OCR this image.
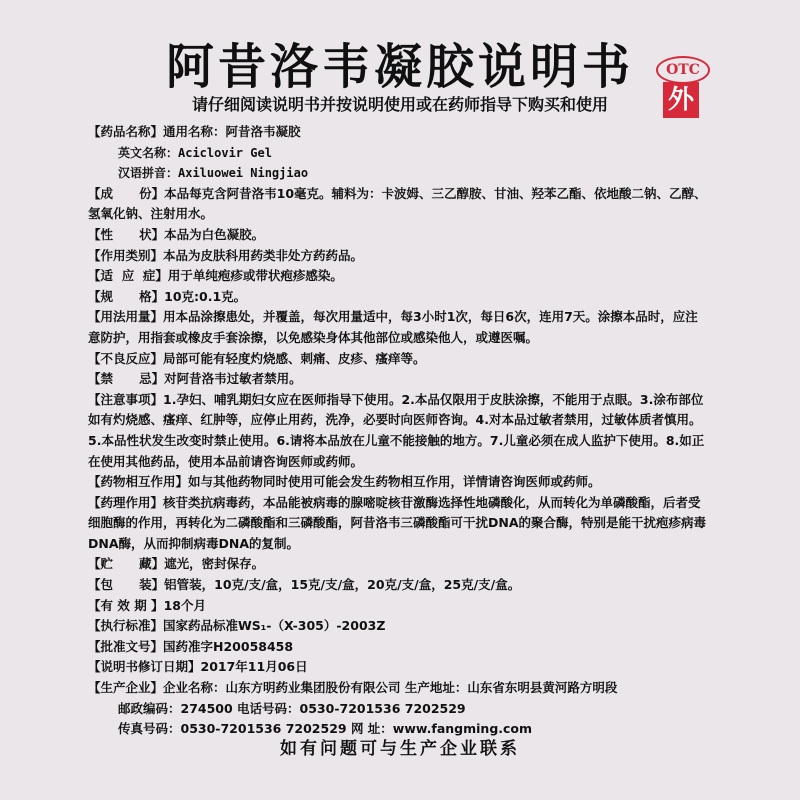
阿昔洛韦凝胶说明书
请仔细阅读说明书并按说明使用或在药师指导下购买和使用
OTC
外
【药品名称】通用名称：阿昔洛韦凝胶
英文名称：Aciclovir Gel
汉语拼音：Axiluowei Ningjiao
【成      份】本品每克含阿昔洛韦10毫克。辅料为：卡波姆、三乙醇胺、甘油、羟苯乙酯、依地酸二钠、乙醇、氢氧化钠、注射用水。
【性      状】本品为白色凝胶。
【作用类别】本品为皮肤科用药类非处方药药品。
【适  应  症】用于单纯疱疹或带状疱疹感染。
【规      格】10克:0.1克。
【用法用量】用本品涂擦患处，并覆盖，每次用量适中，每3小时1次，每日6次，连用7天。涂擦本品时，应注意防护，用指套或橡皮手套涂擦，以免感染身体其他部位或感染他人，或遵医嘱。
【不良反应】局部可能有轻度灼烧感、刺痛、皮疹、瘙痒等。
【禁      忌】对阿昔洛韦过敏者禁用。
【注意事项】1.孕妇、哺乳期妇女应在医师指导下使用。2.本品仅限用于皮肤涂擦，不能用于点眼。3.涂布部位如有灼烧感、瘙痒、红肿等，应停止用药，洗净，必要时向医师咨询。4.对本品过敏者禁用，过敏体质者慎用。5.本品性状发生改变时禁止使用。6.请将本品放在儿童不能接触的地方。7.儿童必须在成人监护下使用。8.如正在使用其他药品，使用本品前请咨询医师或药师。
【药物相互作用】如与其他药物同时使用可能会发生药物相互作用，详情请咨询医师或药师。
【药理作用】核苷类抗病毒药，本品能被病毒的腺嘧啶核苷激酶选择性地磷酸化，从而转化为单磷酸酯，后者受细胞酶的作用，再转化为二磷酸酯和三磷酸酯，阿昔洛韦三磷酸酯可干扰DNA的聚合酶，特别是能干扰疱疹病毒DNA酶，从而抑制病毒DNA的复制。
【贮      藏】遮光，密封保存。
【包      装】铝管装，10克/支/盒，15克/支/盒，20克/支/盒，25克/支/盒。
【有 效 期 】18个月
【执行标准】国家药品标准WS₁-（X-305）-2003Z
【批准文号】国药准字H20058458
【说明书修订日期】2017年11月06日
【生产企业】企业名称：山东方明药业集团股份有限公司 生产地址：山东省东明县黄河路方明段
邮政编码：274500 电话号码：0530-7201536 7202529
传真号码：0530-7201536 7202529 网 址：www.fangming.com
如有问题可与生产企业联系
